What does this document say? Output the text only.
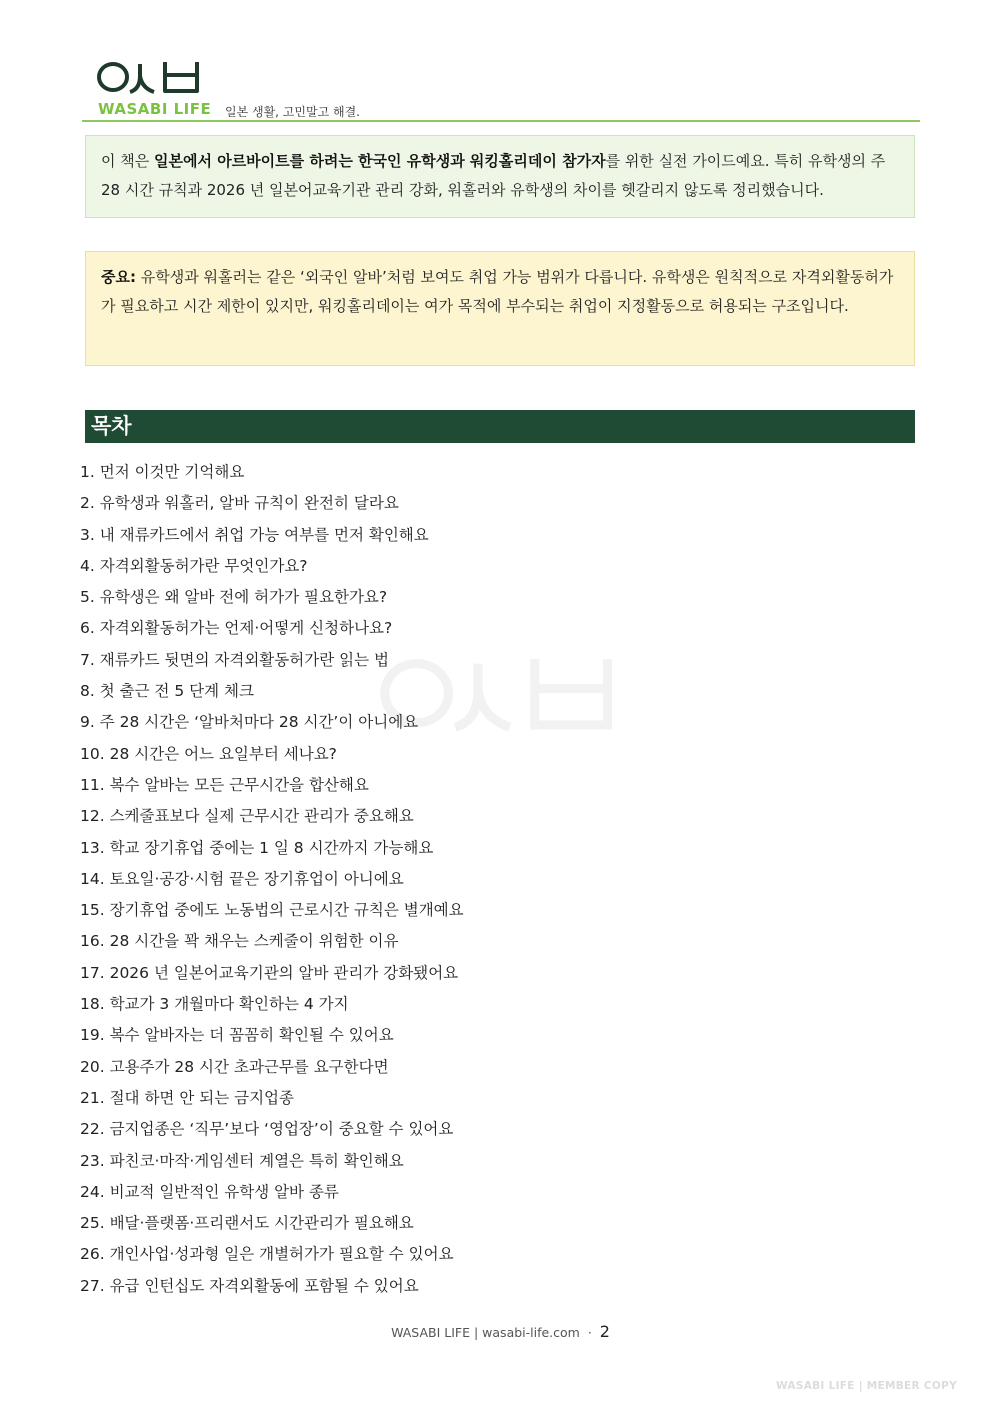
WASABI LIFE 일본 생활, 고민말고 해결.
이 책은 일본에서 아르바이트를 하려는 한국인 유학생과 워킹홀리데이 참가자를 위한 실전 가이드예요. 특히 유학생의 주 28 시간 규칙과 2026 년 일본어교육기관 관리 강화, 워홀러와 유학생의 차이를 헷갈리지 않도록 정리했습니다.
중요: 유학생과 워홀러는 같은 ‘외국인 알바’처럼 보여도 취업 가능 범위가 다릅니다. 유학생은 원칙적으로 자격외활동허가가 필요하고 시간 제한이 있지만, 워킹홀리데이는 여가 목적에 부수되는 취업이 지정활동으로 허용되는 구조입니다.
목차
1. 먼저 이것만 기억해요
2. 유학생과 워홀러, 알바 규칙이 완전히 달라요
3. 내 재류카드에서 취업 가능 여부를 먼저 확인해요
4. 자격외활동허가란 무엇인가요?
5. 유학생은 왜 알바 전에 허가가 필요한가요?
6. 자격외활동허가는 언제·어떻게 신청하나요?
7. 재류카드 뒷면의 자격외활동허가란 읽는 법
8. 첫 출근 전 5 단계 체크
9. 주 28 시간은 ‘알바처마다 28 시간’이 아니에요
10. 28 시간은 어느 요일부터 세나요?
11. 복수 알바는 모든 근무시간을 합산해요
12. 스케줄표보다 실제 근무시간 관리가 중요해요
13. 학교 장기휴업 중에는 1 일 8 시간까지 가능해요
14. 토요일·공강·시험 끝은 장기휴업이 아니에요
15. 장기휴업 중에도 노동법의 근로시간 규칙은 별개예요
16. 28 시간을 꽉 채우는 스케줄이 위험한 이유
17. 2026 년 일본어교육기관의 알바 관리가 강화됐어요
18. 학교가 3 개월마다 확인하는 4 가지
19. 복수 알바자는 더 꼼꼼히 확인될 수 있어요
20. 고용주가 28 시간 초과근무를 요구한다면
21. 절대 하면 안 되는 금지업종
22. 금지업종은 ‘직무’보다 ‘영업장’이 중요할 수 있어요
23. 파친코·마작·게임센터 계열은 특히 확인해요
24. 비교적 일반적인 유학생 알바 종류
25. 배달·플랫폼·프리랜서도 시간관리가 필요해요
26. 개인사업·성과형 일은 개별허가가 필요할 수 있어요
27. 유급 인턴십도 자격외활동에 포함될 수 있어요
WASABI LIFE | wasabi-life.com · 2
WASABI LIFE | MEMBER COPY
